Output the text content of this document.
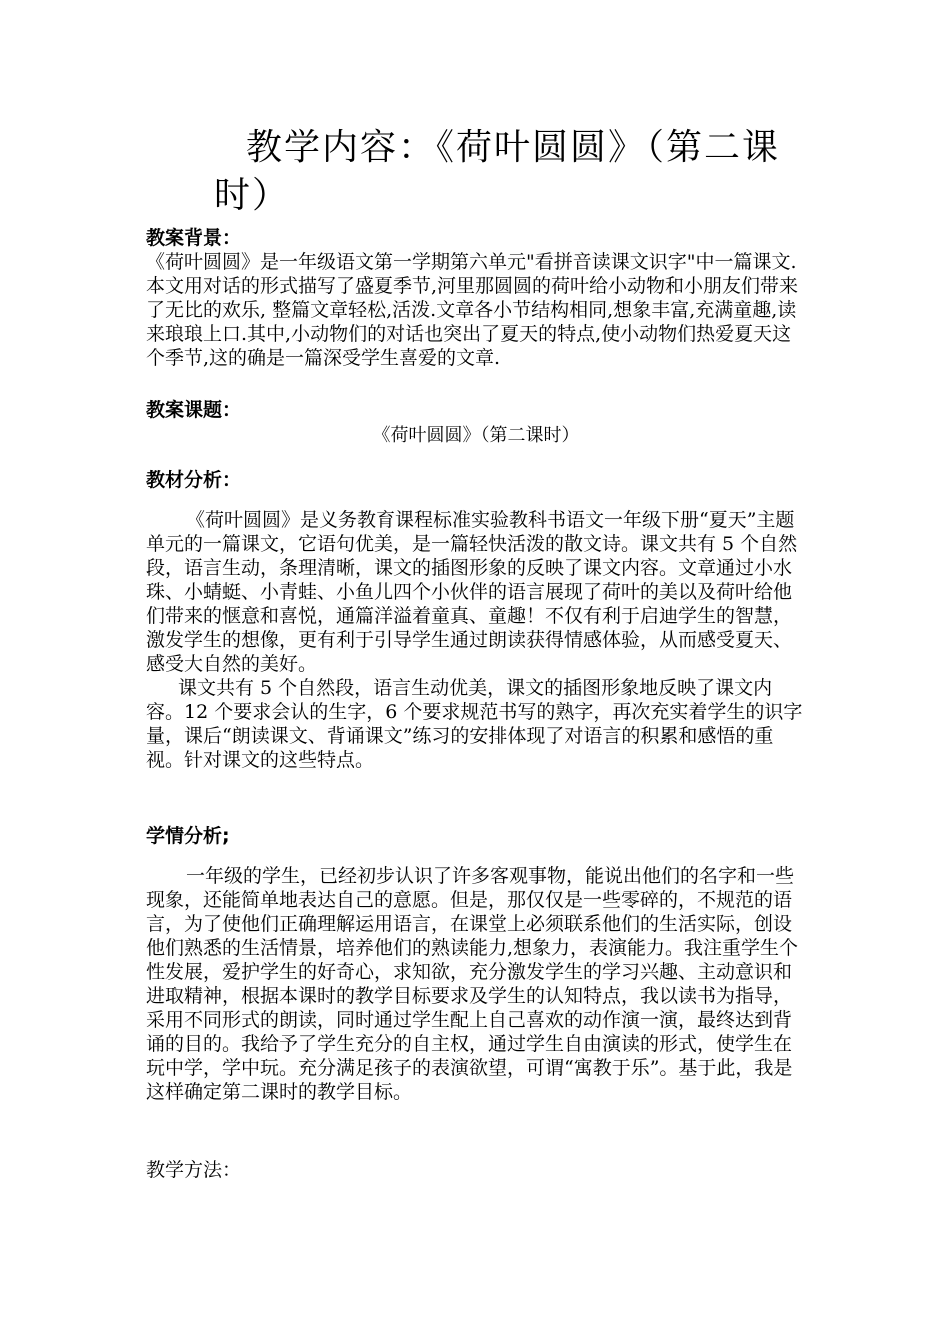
教学内容：《荷叶圆圆》（第二课
时）
教案背景：

《荷叶圆圆》是一年级语文第一学期第六单元"看拼音读课文识字"中一篇课文.本文用对话的形式描写了盛夏季节,河里那圆圆的荷叶给小动物和小朋友们带来了无比的欢乐, 整篇文章轻松,活泼.文章各小节结构相同,想象丰富,充满童趣,读来琅琅上口.其中,小动物们的对话也突出了夏天的特点,使小动物们热爱夏天这个季节,这的确是一篇深受学生喜爱的文章.

教案课题：
《荷叶圆圆》（第二课时）
教材分析：

《荷叶圆圆》是义务教育课程标准实验教科书语文一年级下册“夏天”主题单元的一篇课文，它语句优美，是一篇轻快活泼的散文诗。课文共有 5 个自然段，语言生动，条理清晰，课文的插图形象的反映了课文内容。文章通过小水珠、小蜻蜓、小青蛙、小鱼儿四个小伙伴的语言展现了荷叶的美以及荷叶给他们带来的惬意和喜悦，通篇洋溢着童真、童趣！不仅有利于启迪学生的智慧，激发学生的想像，更有利于引导学生通过朗读获得情感体验，从而感受夏天、感受大自然的美好。

课文共有 5 个自然段，语言生动优美，课文的插图形象地反映了课文内容。12 个要求会认的生字，6 个要求规范书写的熟字，再次充实着学生的识字量，课后“朗读课文、背诵课文”练习的安排体现了对语言的积累和感悟的重视。针对课文的这些特点。

学情分析;

一年级的学生，已经初步认识了许多客观事物，能说出他们的名字和一些现象，还能简单地表达自己的意愿。但是，那仅仅是一些零碎的，不规范的语言，为了使他们正确理解运用语言，在课堂上必须联系他们的生活实际，创设他们熟悉的生活情景，培养他们的熟读能力,想象力，表演能力。我注重学生个性发展，爱护学生的好奇心，求知欲，充分激发学生的学习兴趣、主动意识和进取精神，根据本课时的教学目标要求及学生的认知特点，我以读书为指导，采用不同形式的朗读，同时通过学生配上自己喜欢的动作演一演，最终达到背诵的目的。我给予了学生充分的自主权，通过学生自由演读的形式，使学生在玩中学，学中玩。充分满足孩子的表演欲望，可谓“寓教于乐”。基于此，我是这样确定第二课时的教学目标。

教学方法：
